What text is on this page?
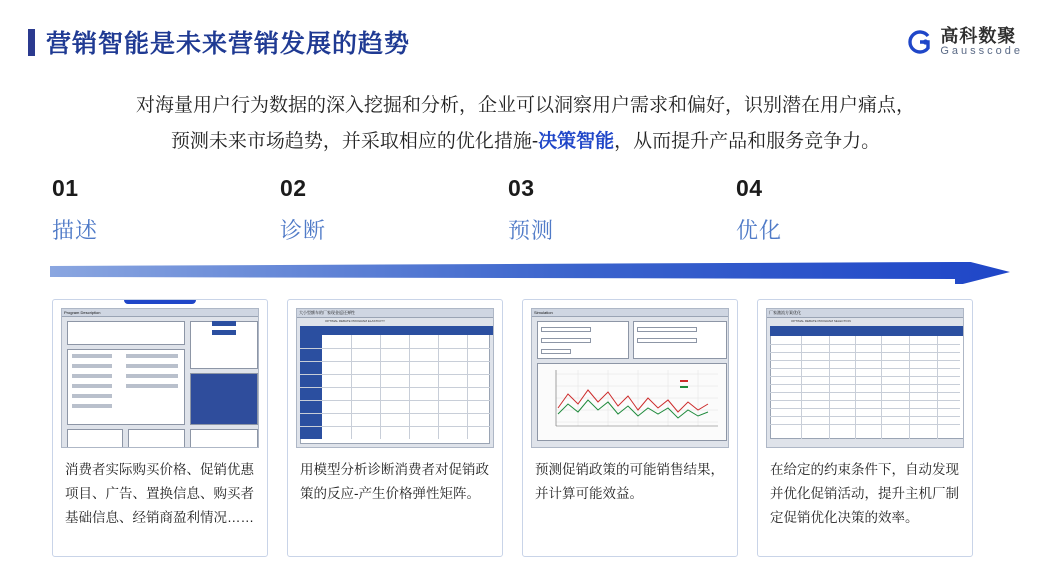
营销智能是未来营销发展的趋势	高科数聚
Gausscode
对海量用户行为数据的深入挖掘和分析，企业可以洞察用户需求和偏好，识别潜在用户痛点，
预测未来市场趋势，并采取相应的优化措施-决策智能，从而提升产品和服务竞争力。
01
描述
02
诊断
03
预测
04
优化
Program Description
消费者实际购买价格、促销优惠项目、广告、置换信息、购买者基础信息、经销商盈利情况……
大小型额车的厂家现金返还弹性
OPTIMAL REBATE PROGRAM ELASTICITY
用模型分析诊断消费者对促销政策的反应-产生价格弹性矩阵。
Simulation
预测促销政策的可能销售结果，并计算可能效益。
厂家激流方案优化
OPTIMAL REBATE PROGRAM SELECTION
在给定的约束条件下，自动发现并优化促销活动，提升主机厂制定促销优化决策的效率。
